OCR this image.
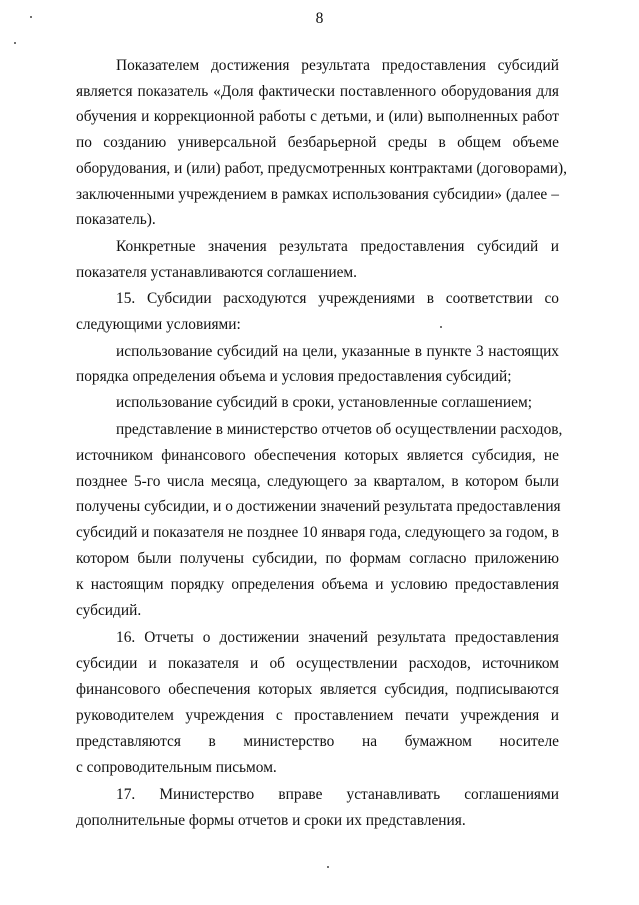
8
Показателем достижения результата предоставления субсидий
является показатель «Доля фактически поставленного оборудования для
обучения и коррекционной работы с детьми, и (или) выполненных работ
по созданию универсальной безбарьерной среды в общем объеме
оборудования, и (или) работ, предусмотренных контрактами (договорами),
заключенными учреждением в рамках использования субсидии» (далее –
показатель).
Конкретные значения результата предоставления субсидий и
показателя устанавливаются соглашением.
15. Субсидии расходуются учреждениями в соответствии со
следующими условиями:
использование субсидий на цели, указанные в пункте 3 настоящих
порядка определения объема и условия предоставления субсидий;
использование субсидий в сроки, установленные соглашением;
представление в министерство отчетов об осуществлении расходов,
источником финансового обеспечения которых является субсидия, не
позднее 5-го числа месяца, следующего за кварталом, в котором были
получены субсидии, и о достижении значений результата предоставления
субсидий и показателя не позднее 10 января года, следующего за годом, в
котором были получены субсидии, по формам согласно приложению
к настоящим порядку определения объема и условию предоставления
субсидий.
16. Отчеты о достижении значений результата предоставления
субсидии и показателя и об осуществлении расходов, источником
финансового обеспечения которых является субсидия, подписываются
руководителем учреждения с проставлением печати учреждения и
представляются в министерство на бумажном носителе
с сопроводительным письмом.
17. Министерство вправе устанавливать соглашениями
дополнительные формы отчетов и сроки их представления.
